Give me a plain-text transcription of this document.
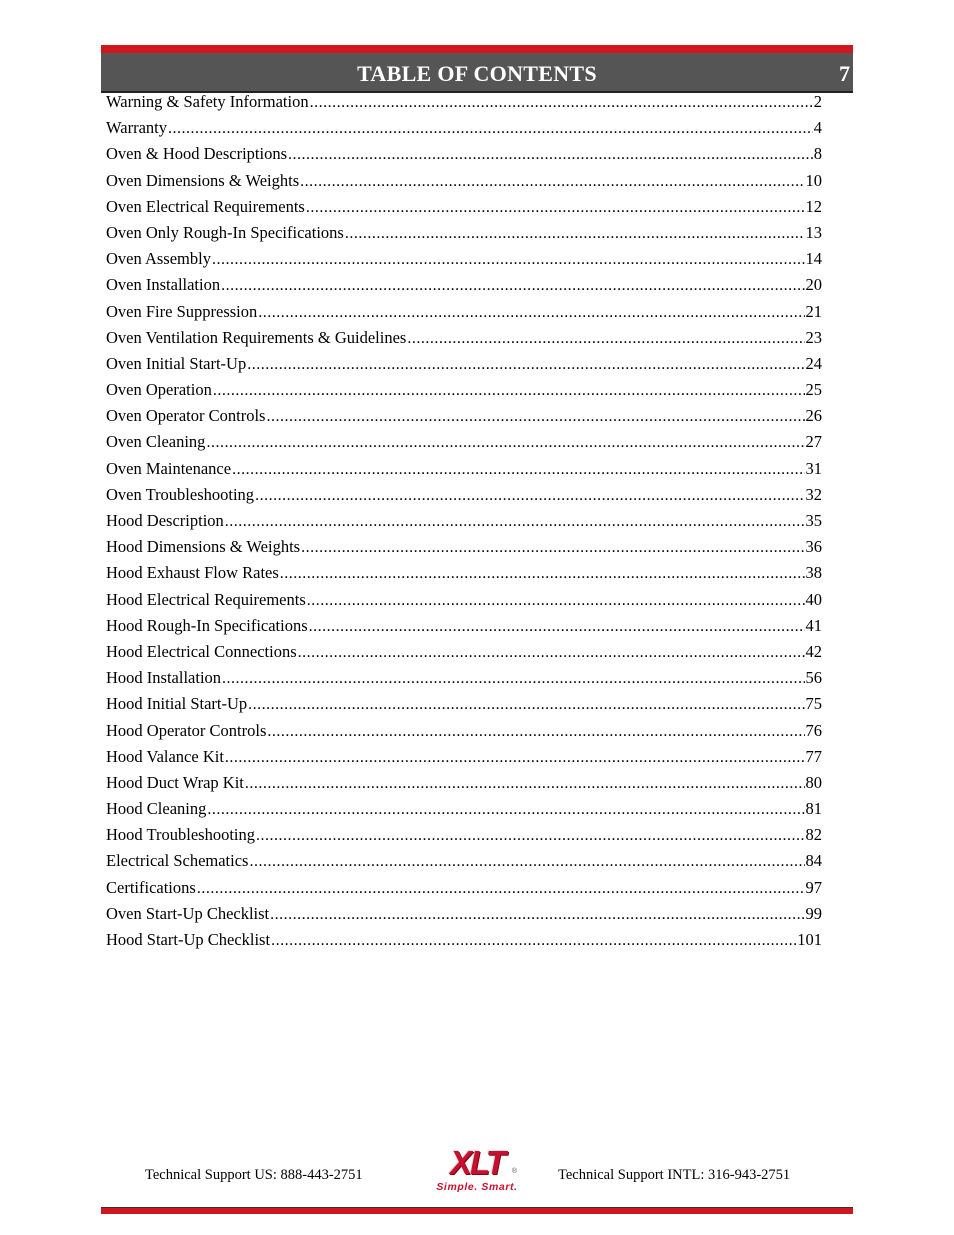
TABLE OF CONTENTS	7
Warning & Safety Information .....	2
Warranty .....	4
Oven & Hood Descriptions .....	8
Oven Dimensions & Weights .....	10
Oven Electrical Requirements .....	12
Oven Only Rough-In Specifications .....	13
Oven Assembly .....	14
Oven Installation .....	20
Oven Fire Suppression .....	21
Oven Ventilation Requirements & Guidelines .....	23
Oven Initial Start-Up .....	24
Oven Operation .....	25
Oven Operator Controls .....	26
Oven Cleaning .....	27
Oven Maintenance .....	31
Oven Troubleshooting .....	32
Hood Description .....	35
Hood Dimensions & Weights .....	36
Hood Exhaust Flow Rates .....	38
Hood Electrical Requirements .....	40
Hood Rough-In Specifications .....	41
Hood Electrical Connections .....	42
Hood Installation .....	56
Hood Initial Start-Up .....	75
Hood Operator Controls .....	76
Hood Valance Kit .....	77
Hood Duct Wrap Kit .....	80
Hood Cleaning .....	81
Hood Troubleshooting .....	82
Electrical Schematics .....	84
Certifications .....	97
Oven Start-Up Checklist .....	99
Hood Start-Up Checklist .....	101
Technical Support US: 888-443-2751	XLT	®
Simple. Smart.
Technical Support INTL: 316-943-2751
